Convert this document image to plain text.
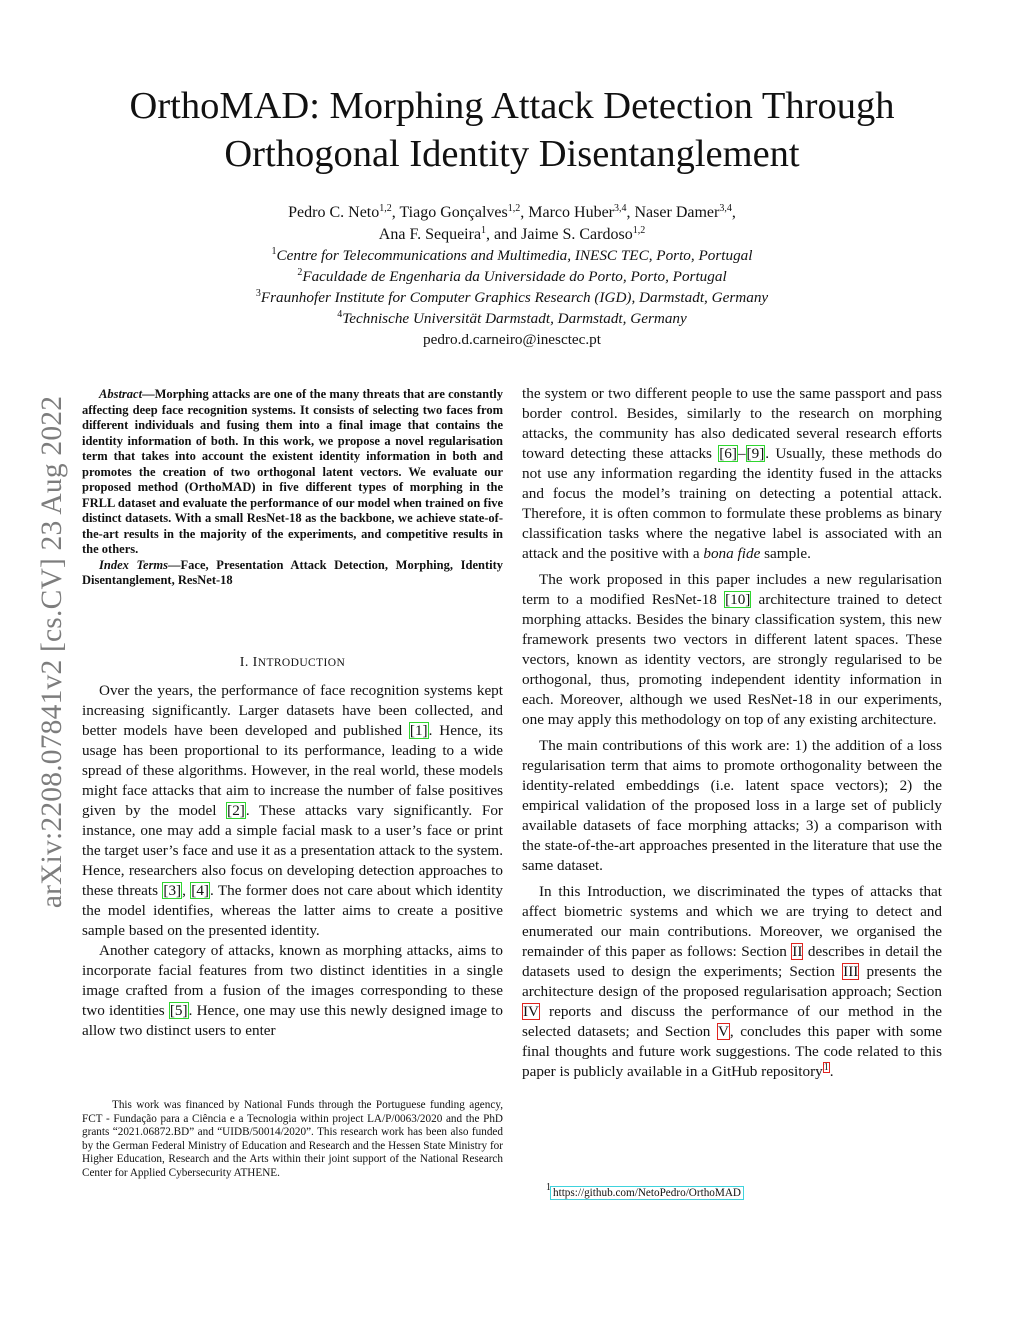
arXiv:2208.07841v2 [cs.CV] 23 Aug 2022
OrthoMAD: Morphing Attack Detection Through
Orthogonal Identity Disentanglement
Pedro C. Neto$^{1,2}$, Tiago Gonçalves$^{1,2}$, Marco Huber$^{3,4}$, Naser Damer$^{3,4}$,
Ana F. Sequeira$^1$, and Jaime S. Cardoso$^{1,2}$
$^1$Centre for Telecommunications and Multimedia, INESC TEC, Porto, Portugal
$^2$Faculdade de Engenharia da Universidade do Porto, Porto, Portugal
$^3$Fraunhofer Institute for Computer Graphics Research (IGD), Darmstadt, Germany
$^4$Technische Universität Darmstadt, Darmstadt, Germany
pedro.d.carneiro@inesctec.pt

Abstract—Morphing attacks are one of the many threats that are constantly affecting deep face recognition systems. It consists of selecting two faces from different individuals and fusing them into a final image that contains the identity information of both. In this work, we propose a novel regularisation term that takes into account the existent identity information in both and promotes the creation of two orthogonal latent vectors. We evaluate our proposed method (OrthoMAD) in five different types of morphing in the FRLL dataset and evaluate the performance of our model when trained on five distinct datasets. With a small ResNet-18 as the backbone, we achieve state-of-the-art results in the majority of the experiments, and competitive results in the others.

Index Terms—Face, Presentation Attack Detection, Morphing, Identity Disentanglement, ResNet-18

I. INTRODUCTION

Over the years, the performance of face recognition systems kept increasing significantly. Larger datasets have been collected, and better models have been developed and published [1]. Hence, its usage has been proportional to its performance, leading to a wide spread of these algorithms. However, in the real world, these models might face attacks that aim to increase the number of false positives given by the model [2]. These attacks vary significantly. For instance, one may add a simple facial mask to a user’s face or print the target user’s face and use it as a presentation attack to the system. Hence, researchers also focus on developing detection approaches to these threats [3], [4]. The former does not care about which identity the model identifies, whereas the latter aims to create a positive sample based on the presented identity.

Another category of attacks, known as morphing attacks, aims to incorporate facial features from two distinct identities in a single image crafted from a fusion of the images corresponding to these two identities [5]. Hence, one may use this newly designed image to allow two distinct users to enter

This work was financed by National Funds through the Portuguese funding agency, FCT - Fundação para a Ciência e a Tecnologia within project LA/P/0063/2020 and the PhD grants “2021.06872.BD” and “UIDB/50014/2020”. This research work has been also funded by the German Federal Ministry of Education and Research and the Hessen State Ministry for Higher Education, Research and the Arts within their joint support of the National Research Center for Applied Cybersecurity ATHENE.

the system or two different people to use the same passport and pass border control. Besides, similarly to the research on morphing attacks, the community has also dedicated several research efforts toward detecting these attacks [6]–[9]. Usually, these methods do not use any information regarding the identity fused in the attacks and focus the model’s training on detecting a potential attack. Therefore, it is often common to formulate these problems as binary classification tasks where the negative label is associated with an attack and the positive with a bona fide sample.

The work proposed in this paper includes a new regularisation term to a modified ResNet-18 [10] architecture trained to detect morphing attacks. Besides the binary classification system, this new framework presents two vectors in different latent spaces. These vectors, known as identity vectors, are strongly regularised to be orthogonal, thus, promoting independent identity information in each. Moreover, although we used ResNet-18 in our experiments, one may apply this methodology on top of any existing architecture.

The main contributions of this work are: 1) the addition of a loss regularisation term that aims to promote orthogonality between the identity-related embeddings (i.e. latent space vectors); 2) the empirical validation of the proposed loss in a large set of publicly available datasets of face morphing attacks; 3) a comparison with the state-of-the-art approaches presented in the literature that use the same dataset.

In this Introduction, we discriminated the types of attacks that affect biometric systems and which we are trying to detect and enumerated our main contributions. Moreover, we organised the remainder of this paper as follows: Section II describes in detail the datasets used to design the experiments; Section III presents the architecture design of the proposed regularisation approach; Section IV reports and discuss the performance of our method in the selected datasets; and Section V, concludes this paper with some final thoughts and future work suggestions. The code related to this paper is publicly available in a GitHub repository$^1$.

$^1$ https://github.com/NetoPedro/OrthoMAD
